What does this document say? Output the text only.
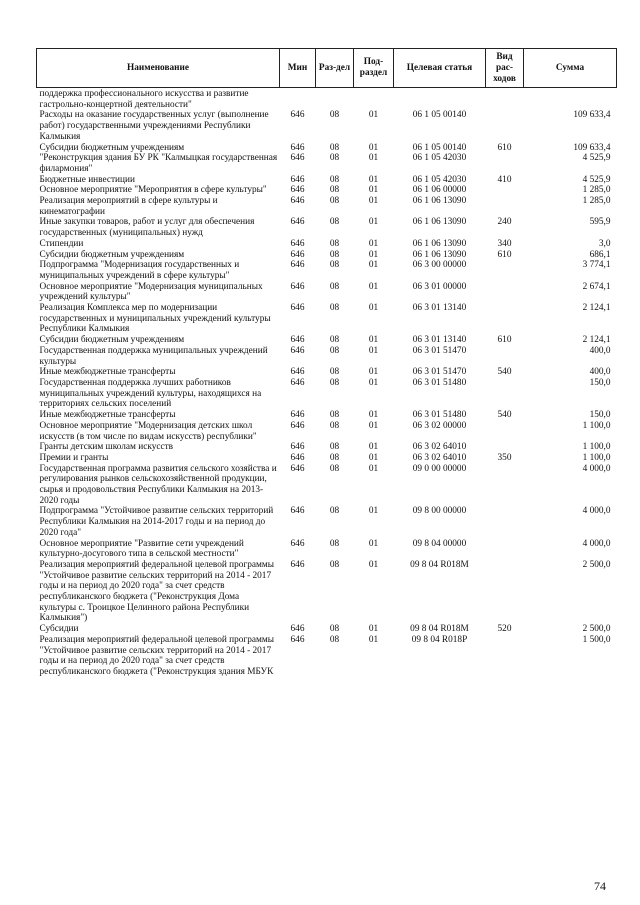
Наименование	Мин	Раз-дел	Под-раздел	Целевая статья	Вид рас-ходов	Сумма
поддержка профессионального искусства и развитие гастрольно-концертной деятельности"						
Расходы на оказание государственных услуг (выполнение работ) государственными учреждениями Республики Калмыкия	646	08	01	06 1 05 00140		109 633,4
Субсидии бюджетным учреждениям	646	08	01	06 1 05 00140	610	109 633,4
"Реконструкция здания БУ РК "Калмыцкая государственная филармония"	646	08	01	06 1 05 42030		4 525,9
Бюджетные инвестиции	646	08	01	06 1 05 42030	410	4 525,9
Основное мероприятие "Мероприятия в сфере культуры"	646	08	01	06 1 06 00000		1 285,0
Реализация мероприятий в сфере культуры и кинематографии	646	08	01	06 1 06 13090		1 285,0
Иные закупки товаров, работ и услуг для обеспечения государственных (муниципальных) нужд	646	08	01	06 1 06 13090	240	595,9
Стипендии	646	08	01	06 1 06 13090	340	3,0
Субсидии бюджетным учреждениям	646	08	01	06 1 06 13090	610	686,1
Подпрограмма "Модернизация государственных и муниципальных учреждений в сфере культуры"	646	08	01	06 3 00 00000		3 774,1
Основное мероприятие "Модернизация муниципальных учреждений культуры"	646	08	01	06 3 01 00000		2 674,1
Реализация Комплекса мер по модернизации государственных и муниципальных учреждений культуры Республики Калмыкия	646	08	01	06 3 01 13140		2 124,1
Субсидии бюджетным учреждениям	646	08	01	06 3 01 13140	610	2 124,1
Государственная поддержка муниципальных учреждений культуры	646	08	01	06 3 01 51470		400,0
Иные межбюджетные трансферты	646	08	01	06 3 01 51470	540	400,0
Государственная поддержка лучших работников муниципальных учреждений культуры, находящихся на территориях сельских поселений	646	08	01	06 3 01 51480		150,0
Иные межбюджетные трансферты	646	08	01	06 3 01 51480	540	150,0
Основное мероприятие "Модернизация детских школ искусств (в том числе по видам искусств) республики"	646	08	01	06 3 02 00000		1 100,0
Гранты детским школам искусств	646	08	01	06 3 02 64010		1 100,0
Премии и гранты	646	08	01	06 3 02 64010	350	1 100,0
Государственная программа развития сельского хозяйства и регулирования рынков сельскохозяйственной продукции, сырья и продовольствия Республики Калмыкия на 2013-2020 годы	646	08	01	09 0 00 00000		4 000,0
Подпрограмма "Устойчивое развитие сельских территорий Республики Калмыкия на 2014-2017 годы и на период до 2020 года"	646	08	01	09 8 00 00000		4 000,0
Основное мероприятие "Развитие сети учреждений культурно-досугового типа в сельской местности"	646	08	01	09 8 04 00000		4 000,0
Реализация мероприятий федеральной целевой программы "Устойчивое развитие сельских территорий на 2014 - 2017 годы и на период до 2020 года" за счет средств республиканского бюджета ("Реконструкция Дома культуры с. Троицкое Целинного района Республики Калмыкия")	646	08	01	09 8 04 R018M		2 500,0
Субсидии	646	08	01	09 8 04 R018M	520	2 500,0
Реализация мероприятий федеральной целевой программы "Устойчивое развитие сельских территорий на 2014 - 2017 годы и на период до 2020 года" за счет средств республиканского бюджета ("Реконструкция здания МБУК	646	08	01	09 8 04 R018P		1 500,0
74
